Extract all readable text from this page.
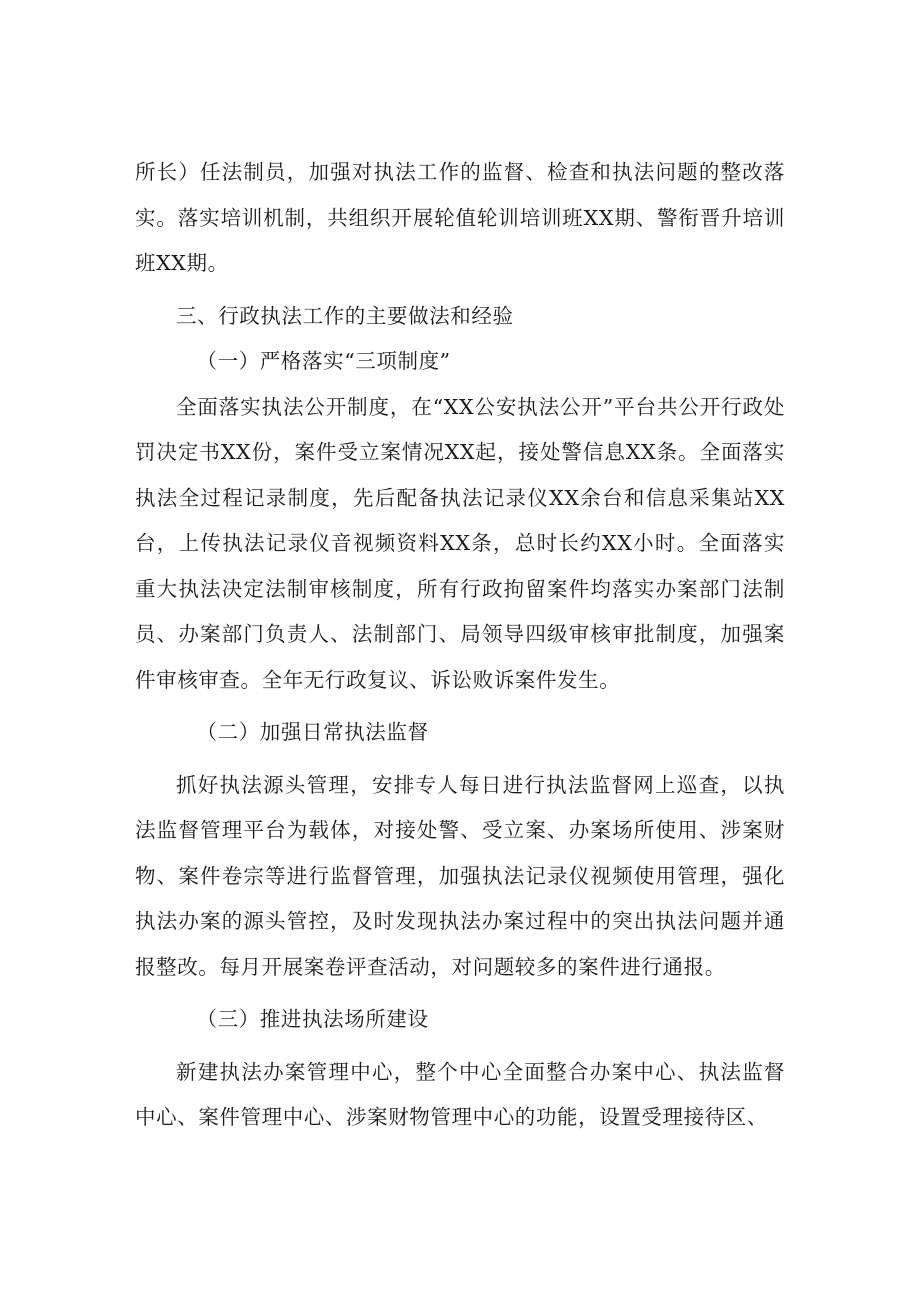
所长）任法制员，加强对执法工作的监督、检查和执法问题的整改落实。落实培训机制，共组织开展轮值轮训培训班XX期、警衔晋升培训班XX期。

三、行政执法工作的主要做法和经验

（一）严格落实“三项制度”

全面落实执法公开制度，在“XX公安执法公开”平台共公开行政处罚决定书XX份，案件受立案情况XX起，接处警信息XX条。全面落实执法全过程记录制度，先后配备执法记录仪XX余台和信息采集站XX台，上传执法记录仪音视频资料XX条，总时长约XX小时。全面落实重大执法决定法制审核制度，所有行政拘留案件均落实办案部门法制员、办案部门负责人、法制部门、局领导四级审核审批制度，加强案件审核审查。全年无行政复议、诉讼败诉案件发生。

（二）加强日常执法监督

抓好执法源头管理，安排专人每日进行执法监督网上巡查，以执法监督管理平台为载体，对接处警、受立案、办案场所使用、涉案财物、案件卷宗等进行监督管理，加强执法记录仪视频使用管理，强化执法办案的源头管控，及时发现执法办案过程中的突出执法问题并通报整改。每月开展案卷评查活动，对问题较多的案件进行通报。

（三）推进执法场所建设

新建执法办案管理中心，整个中心全面整合办案中心、执法监督中心、案件管理中心、涉案财物管理中心的功能，设置受理接待区、
